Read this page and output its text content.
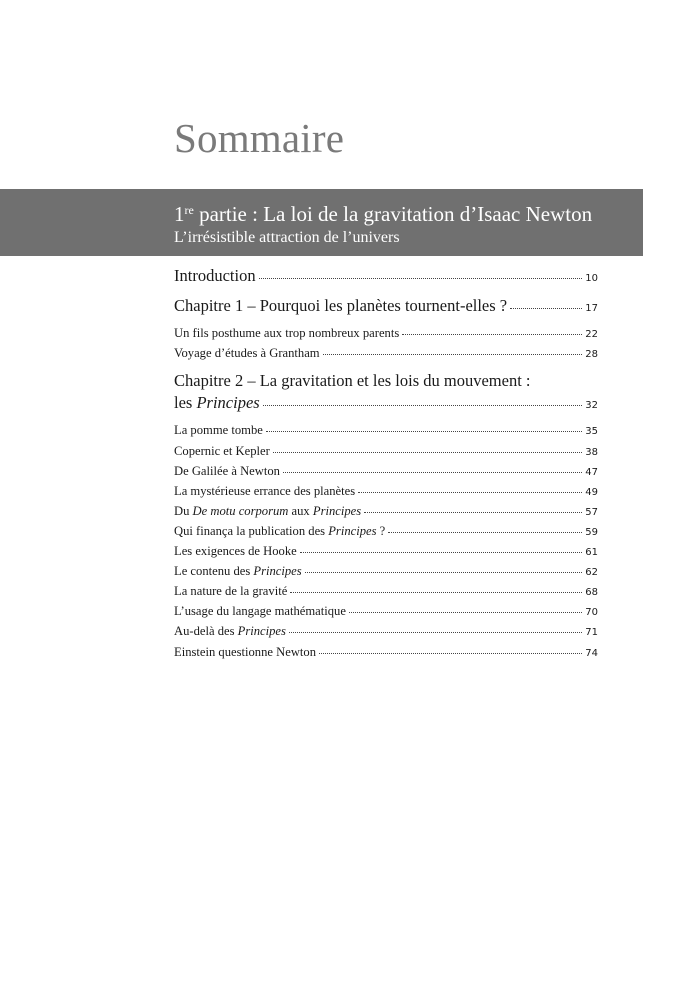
Sommaire
1re partie : La loi de la gravitation d’Isaac Newton
L’irrésistible attraction de l’univers
Introduction	10
Chapitre 1 – Pourquoi les planètes tournent-elles ?	17
Un fils posthume aux trop nombreux parents	22
Voyage d’études à Grantham	28
Chapitre 2 – La gravitation et les lois du mouvement :
les Principes	32
La pomme tombe	35
Copernic et Kepler	38
De Galilée à Newton	47
La mystérieuse errance des planètes	49
Du De motu corporum aux Principes	57
Qui finança la publication des Principes ?	59
Les exigences de Hooke	61
Le contenu des Principes	62
La nature de la gravité	68
L’usage du langage mathématique	70
Au-delà des Principes	71
Einstein questionne Newton	74
